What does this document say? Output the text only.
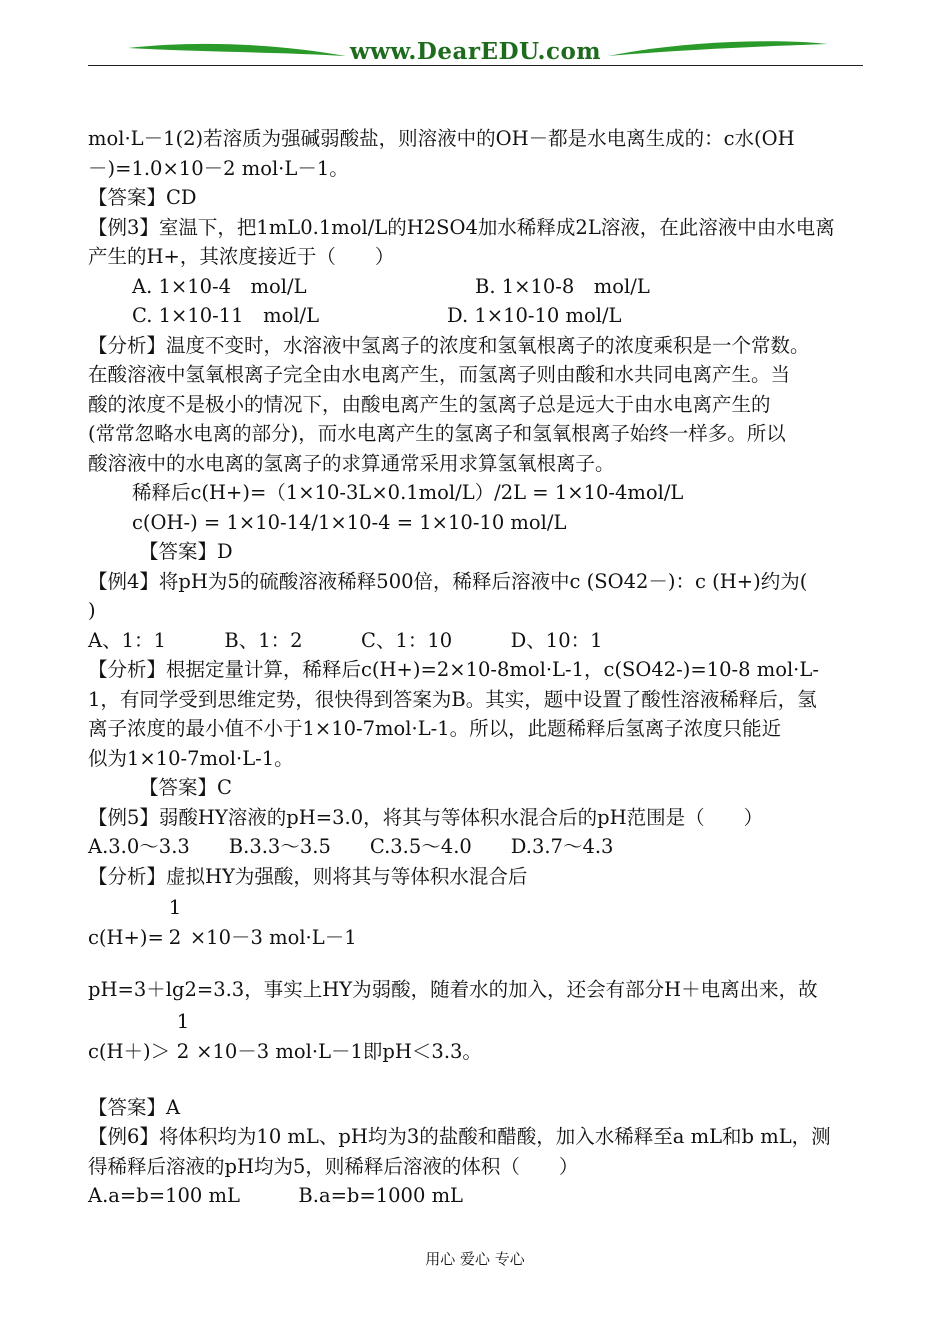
www.DearEDU.com
mol·L－1(2)若溶质为强碱弱酸盐，则溶液中的OH－都是水电离生成的：c水(OH
－)=1.0×10－2 mol·L－1。
【答案】CD
【例3】室温下，把1mL0.1mol/L的H2SO4加水稀释成2L溶液，在此溶液中由水电离
产生的H+，其浓度接近于（　　）
A. 1×10-4　mol/L	B. 1×10-8　mol/L
C. 1×10-11　mol/L	D. 1×10-10 mol/L
【分析】温度不变时，水溶液中氢离子的浓度和氢氧根离子的浓度乘积是一个常数。
在酸溶液中氢氧根离子完全由水电离产生，而氢离子则由酸和水共同电离产生。当
酸的浓度不是极小的情况下，由酸电离产生的氢离子总是远大于由水电离产生的
(常常忽略水电离的部分)，而水电离产生的氢离子和氢氧根离子始终一样多。所以
酸溶液中的水电离的氢离子的求算通常采用求算氢氧根离子。
稀释后c(H+)=（1×10-3L×0.1mol/L）/2L = 1×10-4mol/L
c(OH-) = 1×10-14/1×10-4 = 1×10-10 mol/L
【答案】D
【例4】将pH为5的硫酸溶液稀释500倍，稀释后溶液中c (SO42－)：c (H+)约为(
)
A、1：1　　　B、1：2　　　C、1：10　　　D、10：1
【分析】根据定量计算，稀释后c(H+)=2×10-8mol·L-1，c(SO42-)=10-8 mol·L-
1，有同学受到思维定势，很快得到答案为B。其实，题中设置了酸性溶液稀释后，氢
离子浓度的最小值不小于1×10-7mol·L-1。所以，此题稀释后氢离子浓度只能近
似为1×10-7mol·L-1。
【答案】C
【例5】弱酸HY溶液的pH=3.0，将其与等体积水混合后的pH范围是（　　）
A.3.0～3.3　　B.3.3～3.5　　C.3.5～4.0　　D.3.7～4.3
【分析】虚拟HY为强酸，则将其与等体积水混合后
c(H+)= ×10－3 mol·L－1
1
2
pH=3＋lg2=3.3，事实上HY为弱酸，随着水的加入，还会有部分H＋电离出来，故
c(H＋)＞ ×10－3 mol·L－1即pH＜3.3。
1
2
【答案】A
【例6】将体积均为10 mL、pH均为3的盐酸和醋酸，加入水稀释至a mL和b mL，测
得稀释后溶液的pH均为5，则稀释后溶液的体积（　　）
A.a=b=100 mL　　　B.a=b=1000 mL
用心 爱心 专心
